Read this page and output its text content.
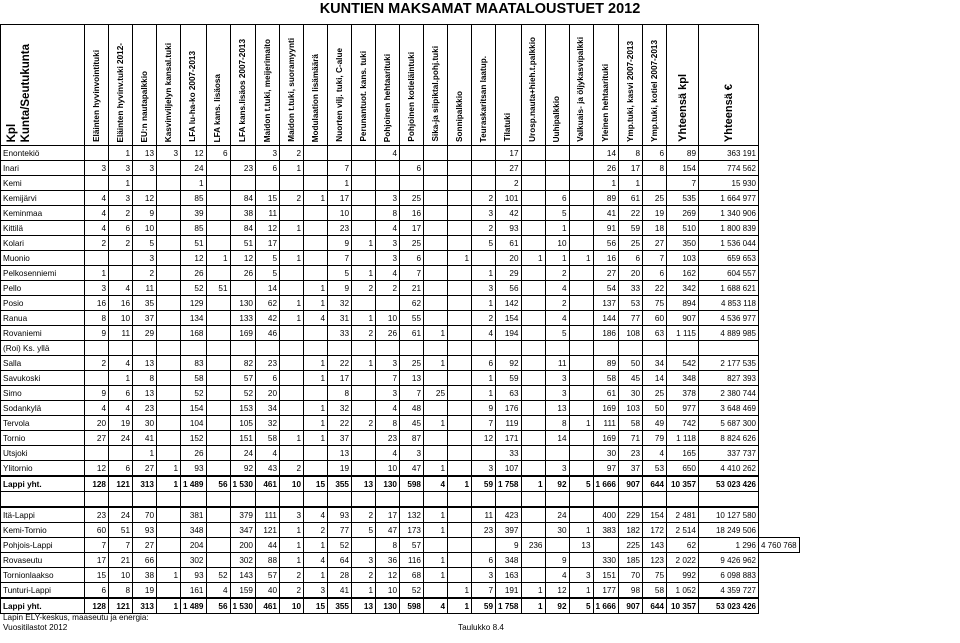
KUNTIEN MAKSAMAT MAATALOUSTUET 2012
Kpl Kunta/Seutukunta	Eläinten hyvinvointituki	Eläinten hyvinv.tuki 2012-	EU:n nautapalkkio	Kasvinviljelyn kansal.tuki	LFA lu-ha-ko 2007-2013	LFA kans. lisäosa	LFA kans.lisäos 2007-2013	Maidon t.tuki, meijerimaito	Maidon t.tuki, suoramyynti	Modulaation lisämäärä	Nuorten vilj. tuki, C-alue	Perunantuot. kans. tuki	Pohjoinen hehtaarituki	Pohjoinen kotieläintuki	Sika-ja siipiktal.pohj.tuki	Sonnipalkkio	Teuraskaritsan laatup.	Tilatuki	Urosp.nauta+hieh.t.palkkio	Uuhipalkkio	Valkuais- ja öljykasvipalkki	Yleinen hehtaarituki	Ymp.tuki, kasvi 2007-2013	Ymp.tuki, kotiel 2007-2013	Yhteensä kpl	Yhteensä €	

Enontekiö		1	13	3	12	6		3	2				4					17				14	8	6	89	363 191	
Inari	3	3	3		24		23	6	1		7			6				27				26	17	8	154	774 562	
Kemi		1			1						1							2				1	1		7	15 930	
Kemijärvi	4	3	12		85		84	15	2	1	17		3	25			2	101		6		89	61	25	535	1 664 977	
Keminmaa	4	2	9		39		38	11			10		8	16			3	42		5		41	22	19	269	1 340 906	
Kittilä	4	6	10		85		84	12	1		23		4	17			2	93		1		91	59	18	510	1 800 839	
Kolari	2	2	5		51		51	17			9	1	3	25			5	61		10		56	25	27	350	1 536 044	
Muonio			3		12	1	12	5	1		7		3	6		1		20	1	1	1	16	6	7	103	659 653	
Pelkosenniemi	1		2		26		26	5			5	1	4	7			1	29		2		27	20	6	162	604 557	
Pello	3	4	11		52	51		14		1	9	2	2	21			3	56		4		54	33	22	342	1 688 621	
Posio	16	16	35		129		130	62	1	1	32			62			1	142		2		137	53	75	894	4 853 118	
Ranua	8	10	37		134		133	42	1	4	31	1	10	55			2	154		4		144	77	60	907	4 536 977	
Rovaniemi	9	11	29		168		169	46			33	2	26	61	1		4	194		5		186	108	63	1 115	4 889 985	
(Roi) Ks. yllä																											
Salla	2	4	13		83		82	23		1	22	1	3	25	1		6	92		11		89	50	34	542	2 177 535	
Savukoski		1	8		58		57	6		1	17		7	13			1	59		3		58	45	14	348	827 393	
Simo	9	6	13		52		52	20			8		3	7	25		1	63		3		61	30	25	378	2 380 744	
Sodankylä	4	4	23		154		153	34		1	32		4	48			9	176		13		169	103	50	977	3 648 469	
Tervola	20	19	30		104		105	32		1	22	2	8	45	1		7	119		8	1	111	58	49	742	5 687 300	
Tornio	27	24	41		152		151	58	1	1	37		23	87			12	171		14		169	71	79	1 118	8 824 626	
Utsjoki			1		26		24	4			13		4	3				33				30	23	4	165	337 737	
Ylitornio	12	6	27	1	93		92	43	2		19		10	47	1		3	107		3		97	37	53	650	4 410 262	
Lappi yht.	128	121	313	1	1 489	56	1 530	461	10	15	355	13	130	598	4	1	59	1 758	1	92	5	1 666	907	644	10 357	53 023 426	

Itä-Lappi	23	24	70		381		379	111	3	4	93	2	17	132	1		11	423		24		400	229	154	2 481	10 127 580	
Kemi-Tornio	60	51	93		348		347	121	1	2	77	5	47	173	1		23	397		30	1	383	182	172	2 514	18 249 506	
Pohjois-Lappi	7	7	27		204		200	44	1	1	52		8	57				9	236		13		225	143	62	1 296	4 760 768
Rovaseutu	17	21	66		302		302	88	1	4	64	3	36	116	1		6	348		9		330	185	123	2 022	9 426 962	
Tornionlaakso	15	10	38	1	93	52	143	57	2	1	28	2	12	68	1		3	163		4	3	151	70	75	992	6 098 883	
Tunturi-Lappi	6	8	19		161	4	159	40	2	3	41	1	10	52		1	7	191	1	12	1	177	98	58	1 052	4 359 727	
Lappi yht.	128	121	313	1	1 489	56	1 530	461	10	15	355	13	130	598	4	1	59	1 758	1	92	5	1 666	907	644	10 357	53 023 426	
Lapin ELY-keskus, maaseutu ja energia:
Vuositilastot 2012	Taulukko 8.4
